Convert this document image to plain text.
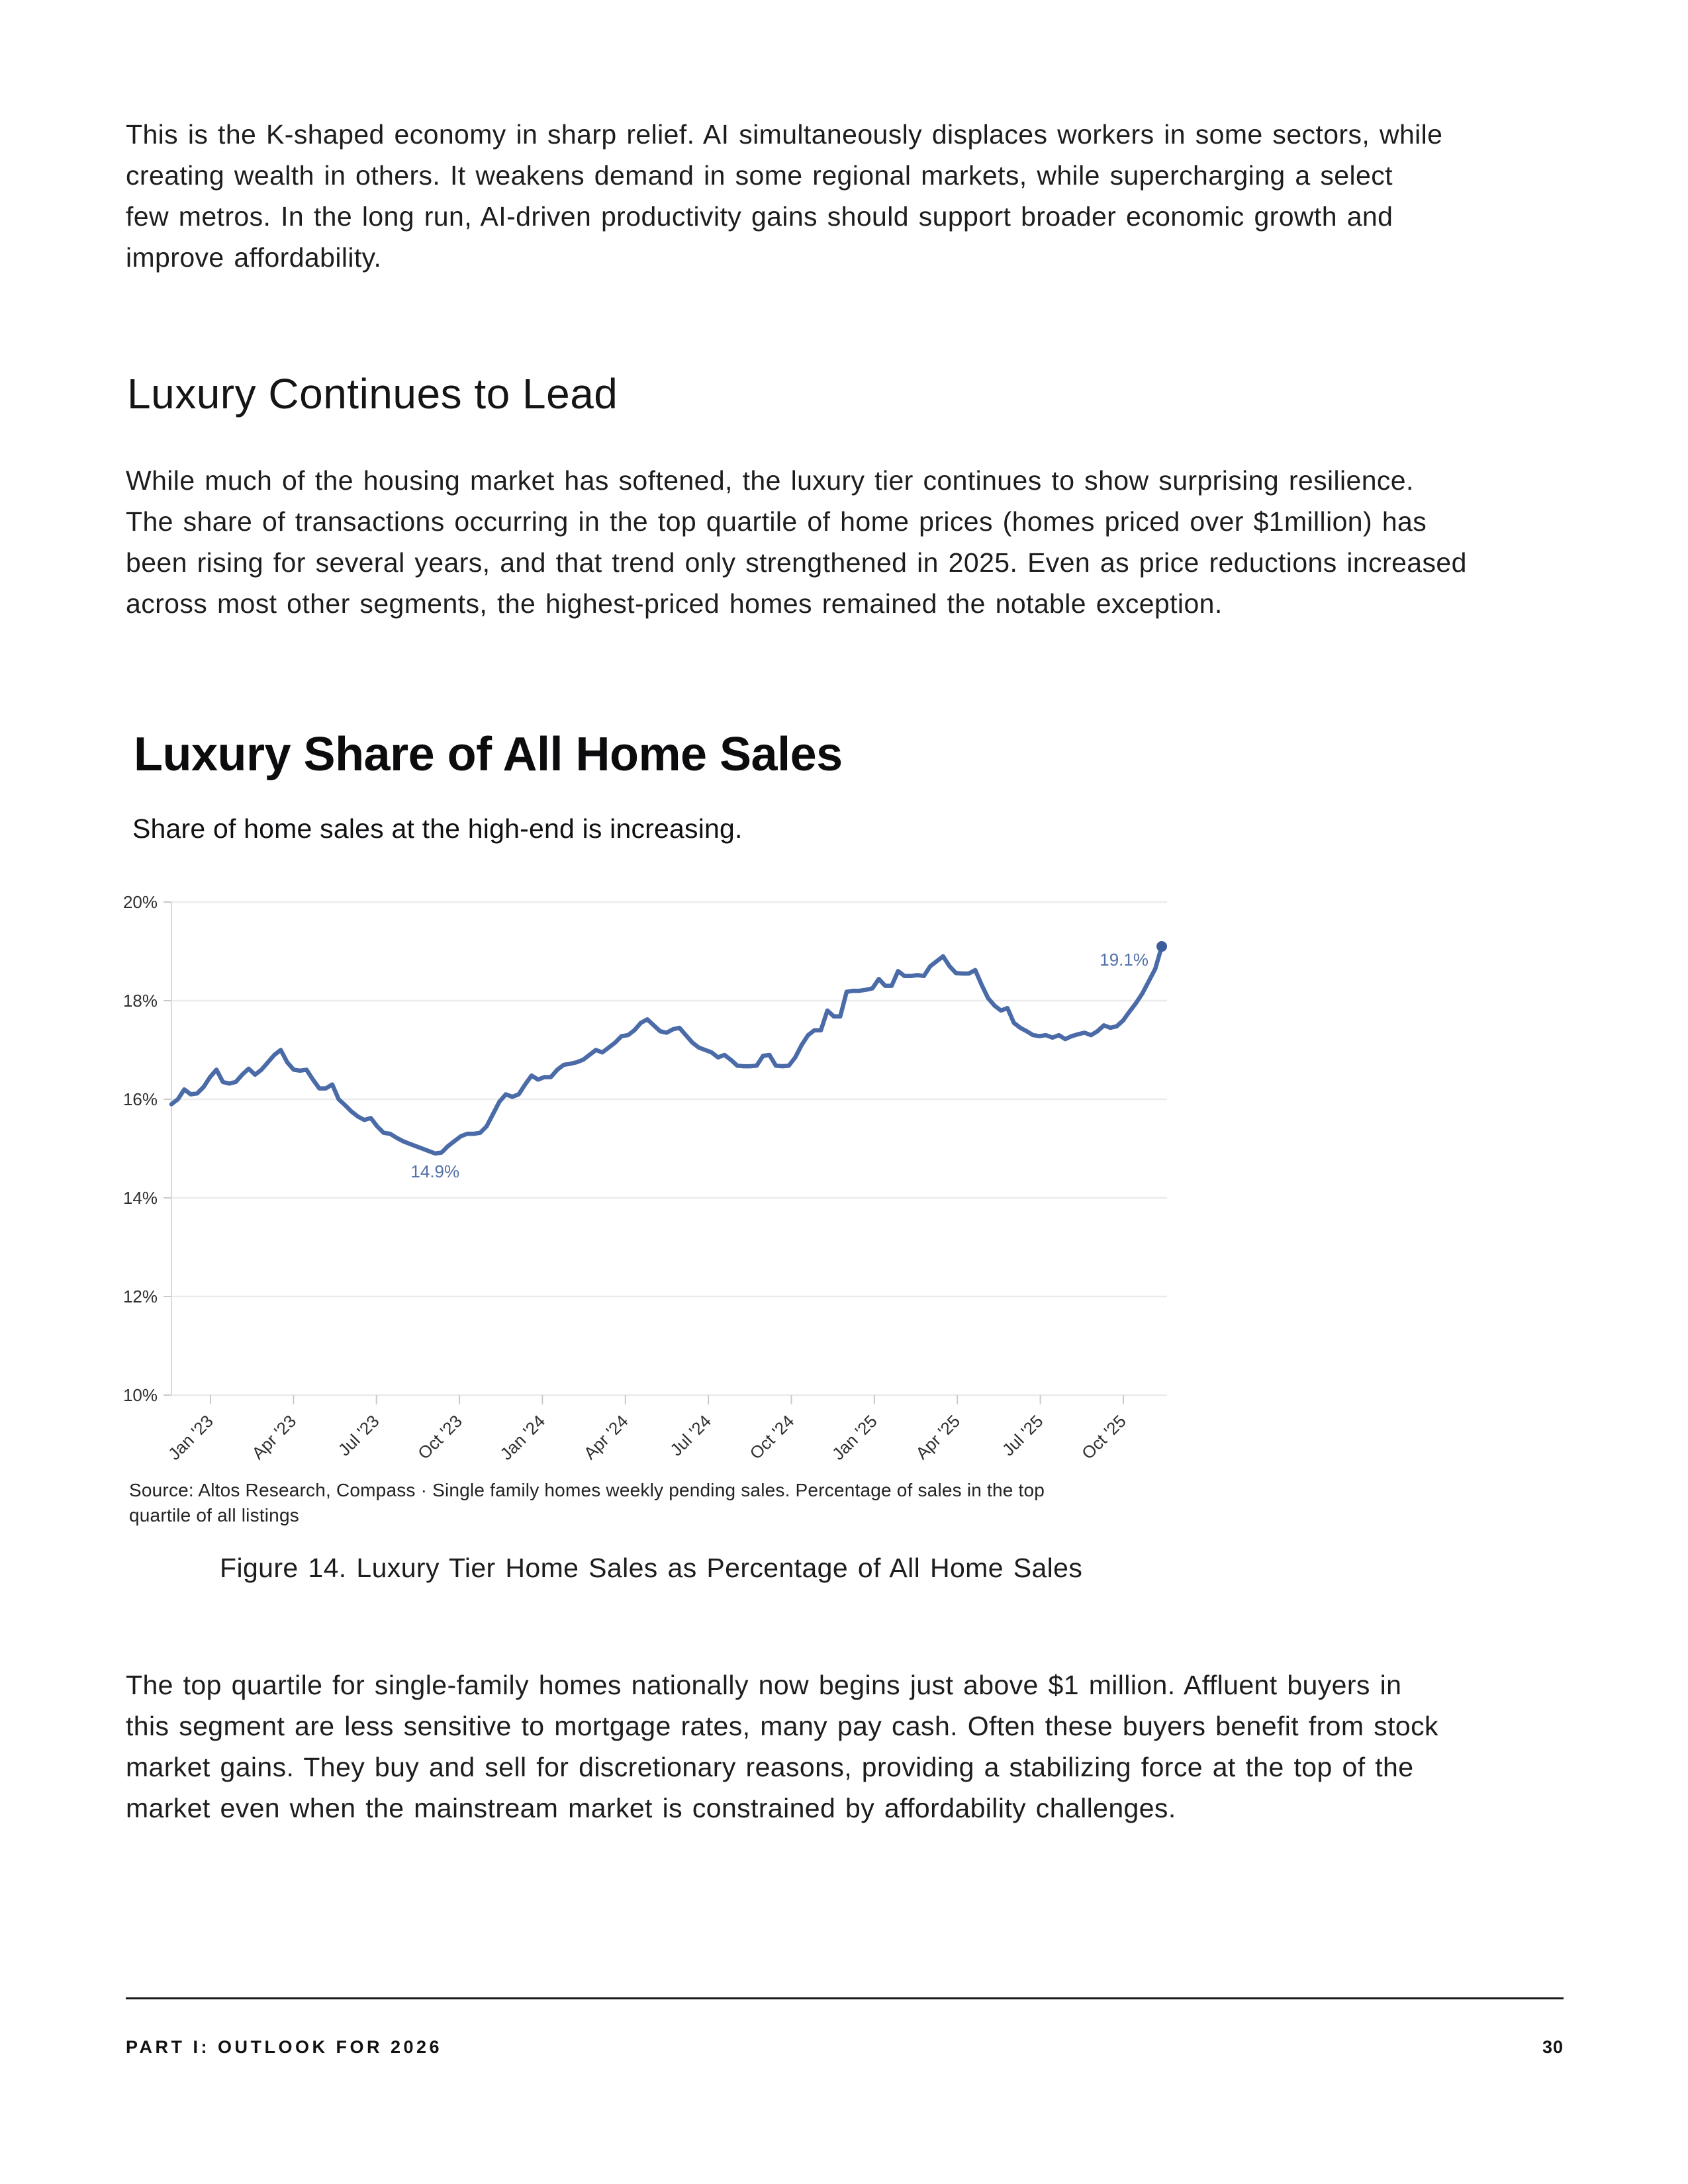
This is the K-shaped economy in sharp relief. AI simultaneously displaces workers in some sectors, while
creating wealth in others. It weakens demand in some regional markets, while supercharging a select
few metros. In the long run, AI-driven productivity gains should support broader economic growth and
improve affordability.
Luxury Continues to Lead
While much of the housing market has softened, the luxury tier continues to show surprising resilience.
The share of transactions occurring in the top quartile of home prices (homes priced over $1million) has
been rising for several years, and that trend only strengthened in 2025. Even as price reductions increased
across most other segments, the highest-priced homes remained the notable exception.
Luxury Share of All Home Sales
Share of home sales at the high-end is increasing.
20%
18%
16%
14%
12%
10%
Jan '23 Apr '23 Jul '23 Oct '23 Jan '24 Apr '24 Jul '24 Oct '24 Jan '25 Apr '25 Jul '25 Oct '25
14.9%
19.1%
Source: Altos Research, Compass · Single family homes weekly pending sales. Percentage of sales in the top
quartile of all listings
Figure 14. Luxury Tier Home Sales as Percentage of All Home Sales
The top quartile for single-family homes nationally now begins just above $1 million. Affluent buyers in
this segment are less sensitive to mortgage rates, many pay cash. Often these buyers benefit from stock
market gains. They buy and sell for discretionary reasons, providing a stabilizing force at the top of the
market even when the mainstream market is constrained by affordability challenges.
PART I: OUTLOOK FOR 2026	30
